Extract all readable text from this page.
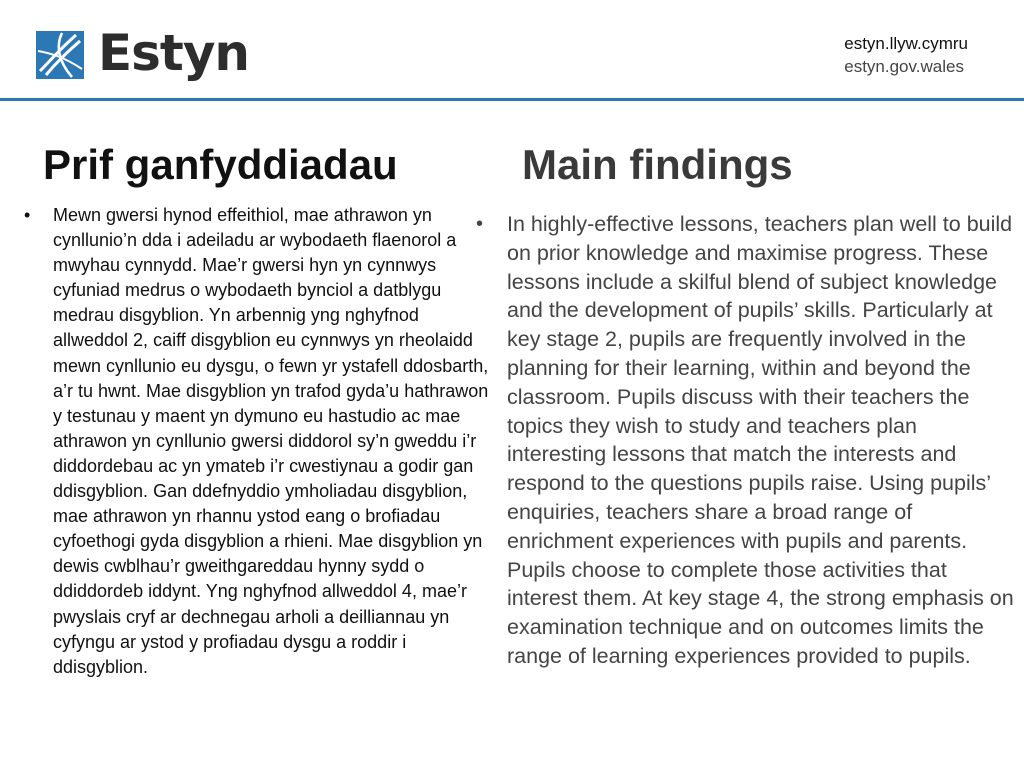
Estyn	estyn.llyw.cymru
estyn.gov.wales
Prif ganfyddiadau	Main findings
•	Mewn gwersi hynod effeithiol, mae athrawon yn cynllunio’n dda i adeiladu ar wybodaeth flaenorol a mwyhau cynnydd. Mae’r gwersi hyn yn cynnwys cyfuniad medrus o wybodaeth bynciol a datblygu medrau disgyblion. Yn arbennig yng nghyfnod allweddol 2, caiff disgyblion eu cynnwys yn rheolaidd mewn cynllunio eu dysgu, o fewn yr ystafell ddosbarth, a’r tu hwnt. Mae disgyblion yn trafod gyda’u hathrawon y testunau y maent yn dymuno eu hastudio ac mae athrawon yn cynllunio gwersi diddorol sy’n gweddu i’r diddordebau ac yn ymateb i’r cwestiynau a godir gan ddisgyblion. Gan ddefnyddio ymholiadau disgyblion, mae athrawon yn rhannu ystod eang o brofiadau cyfoethogi gyda disgyblion a rhieni. Mae disgyblion yn dewis cwblhau’r gweithgareddau hynny sydd o ddiddordeb iddynt. Yng nghyfnod allweddol 4, mae’r pwyslais cryf ar dechnegau arholi a deilliannau yn cyfyngu ar ystod y profiadau dysgu a roddir i ddisgyblion.

•	In highly-effective lessons, teachers plan well to build on prior knowledge and maximise progress. These lessons include a skilful blend of subject knowledge and the development of pupils’ skills. Particularly at key stage 2, pupils are frequently involved in the planning for their learning, within and beyond the classroom. Pupils discuss with their teachers the topics they wish to study and teachers plan interesting lessons that match the interests and respond to the questions pupils raise. Using pupils’ enquiries, teachers share a broad range of enrichment experiences with pupils and parents. Pupils choose to complete those activities that interest them. At key stage 4, the strong emphasis on examination technique and on outcomes limits the range of learning experiences provided to pupils.
